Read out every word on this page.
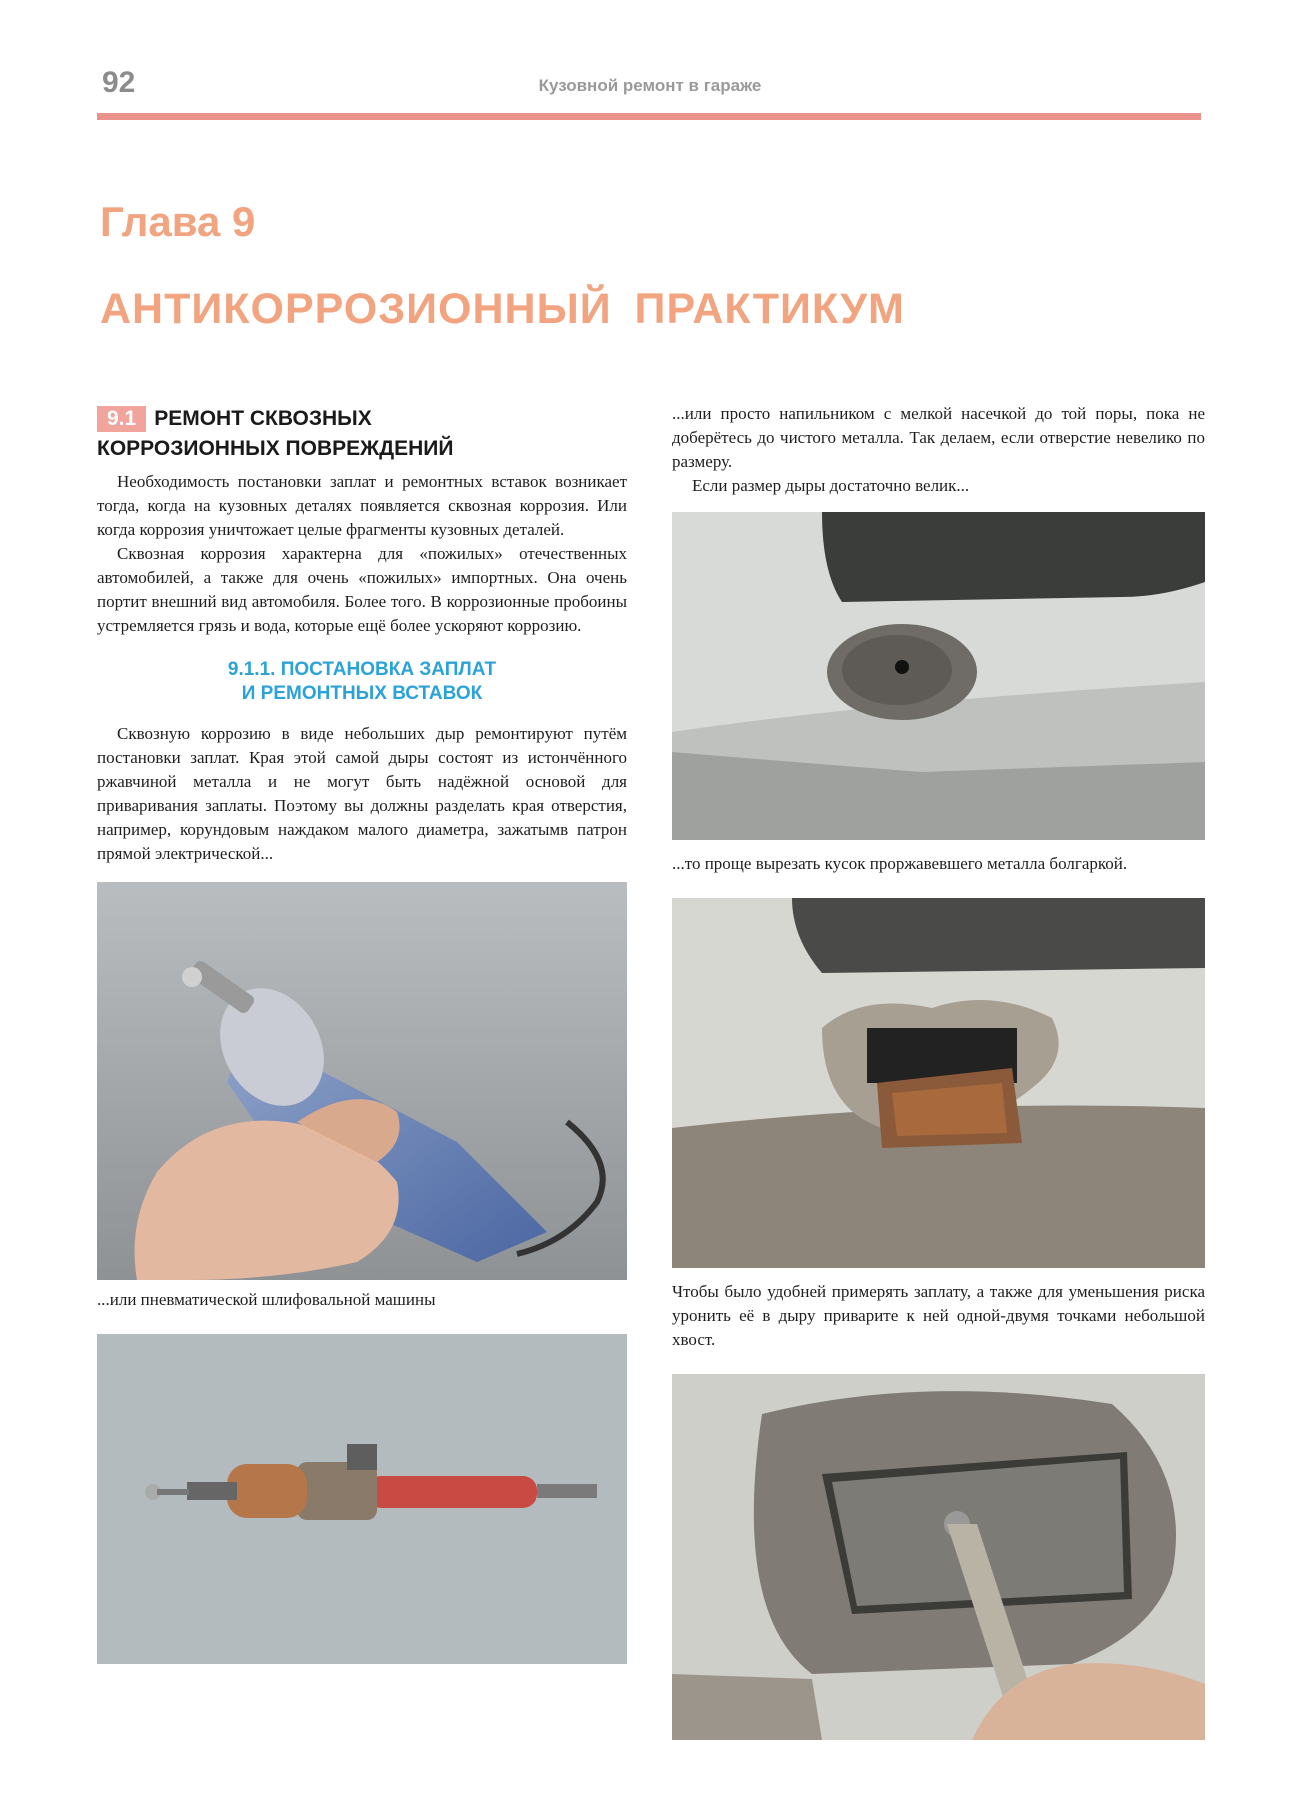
92	Кузовной ремонт в гараже
Глава 9
АНТИКОРРОЗИОННЫЙ ПРАКТИКУМ
9.1 РЕМОНТ СКВОЗНЫХ
КОРРОЗИОННЫХ ПОВРЕЖДЕНИЙ

Необходимость постановки заплат и ремонтных вставок возникает тогда, когда на кузовных деталях появляется сквозная коррозия. Или когда коррозия уничтожает целые фрагменты кузовных деталей.

Сквозная коррозия характерна для «пожилых» отечественных автомобилей, а также для очень «пожилых» импортных. Она очень портит внешний вид автомобиля. Более того. В коррозионные пробоины устремляется грязь и вода, которые ещё более ускоряют коррозию.

9.1.1. ПОСТАНОВКА ЗАПЛАТ
И РЕМОНТНЫХ ВСТАВОК

Сквозную коррозию в виде небольших дыр ремонтируют путём постановки заплат. Края этой самой дыры состоят из истончённого ржавчиной металла и не могут быть надёжной основой для приваривания заплаты. Поэтому вы должны разделать края отверстия, например, корундовым наждаком малого диаметра, зажатымв патрон прямой электрической...

...или пневматической шлифовальной машины

...или просто напильником с мелкой насечкой до той поры, пока не доберётесь до чистого металла. Так делаем, если отверстие невелико по размеру.

Если размер дыры достаточно велик...

...то проще вырезать кусок проржавевшего металла болгаркой.
Чтобы было удобней примерять заплату, а также для уменьшения риска уронить её в дыру приварите к ней одной-двумя точками небольшой хвост.
